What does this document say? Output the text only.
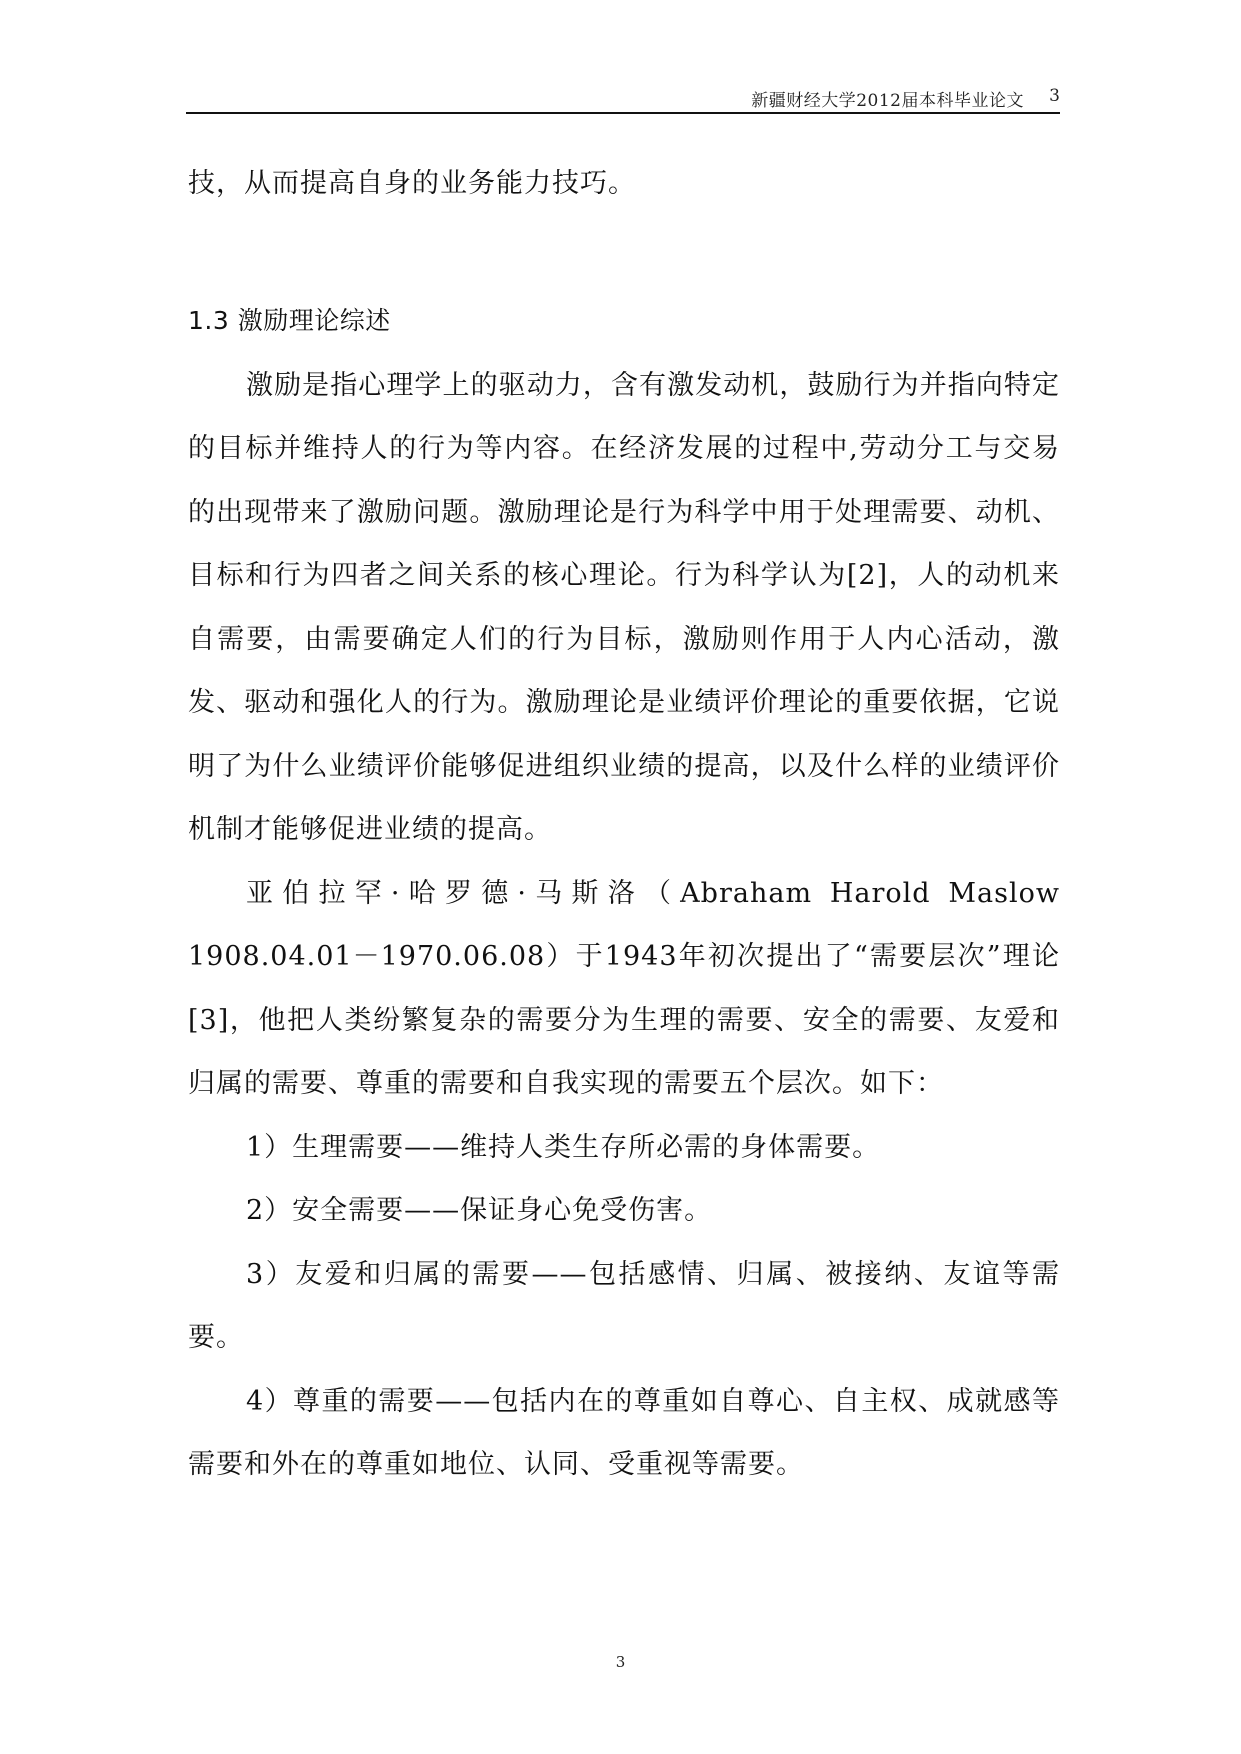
新疆财经大学2012届本科毕业论文 3

技，从而提高自身的业务能力技巧。

1.3 激励理论综述

激励是指心理学上的驱动力，含有激发动机，鼓励行为并指向特定的目标并维持人的行为等内容。在经济发展的过程中,劳动分工与交易的出现带来了激励问题。激励理论是行为科学中用于处理需要、动机、目标和行为四者之间关系的核心理论。行为科学认为[2]，人的动机来自需要，由需要确定人们的行为目标，激励则作用于人内心活动，激发、驱动和强化人的行为。激励理论是业绩评价理论的重要依据，它说明了为什么业绩评价能够促进组织业绩的提高，以及什么样的业绩评价机制才能够促进业绩的提高。

亚伯拉罕·哈罗德·马斯洛（Abraham Harold Maslow 1908.04.01－1970.06.08）于1943年初次提出了“需要层次”理论[3]，他把人类纷繁复杂的需要分为生理的需要、安全的需要、友爱和归属的需要、尊重的需要和自我实现的需要五个层次。如下：

1）生理需要——维持人类生存所必需的身体需要。

2）安全需要——保证身心免受伤害。

3）友爱和归属的需要——包括感情、归属、被接纳、友谊等需要。

4）尊重的需要——包括内在的尊重如自尊心、自主权、成就感等需要和外在的尊重如地位、认同、受重视等需要。

3
